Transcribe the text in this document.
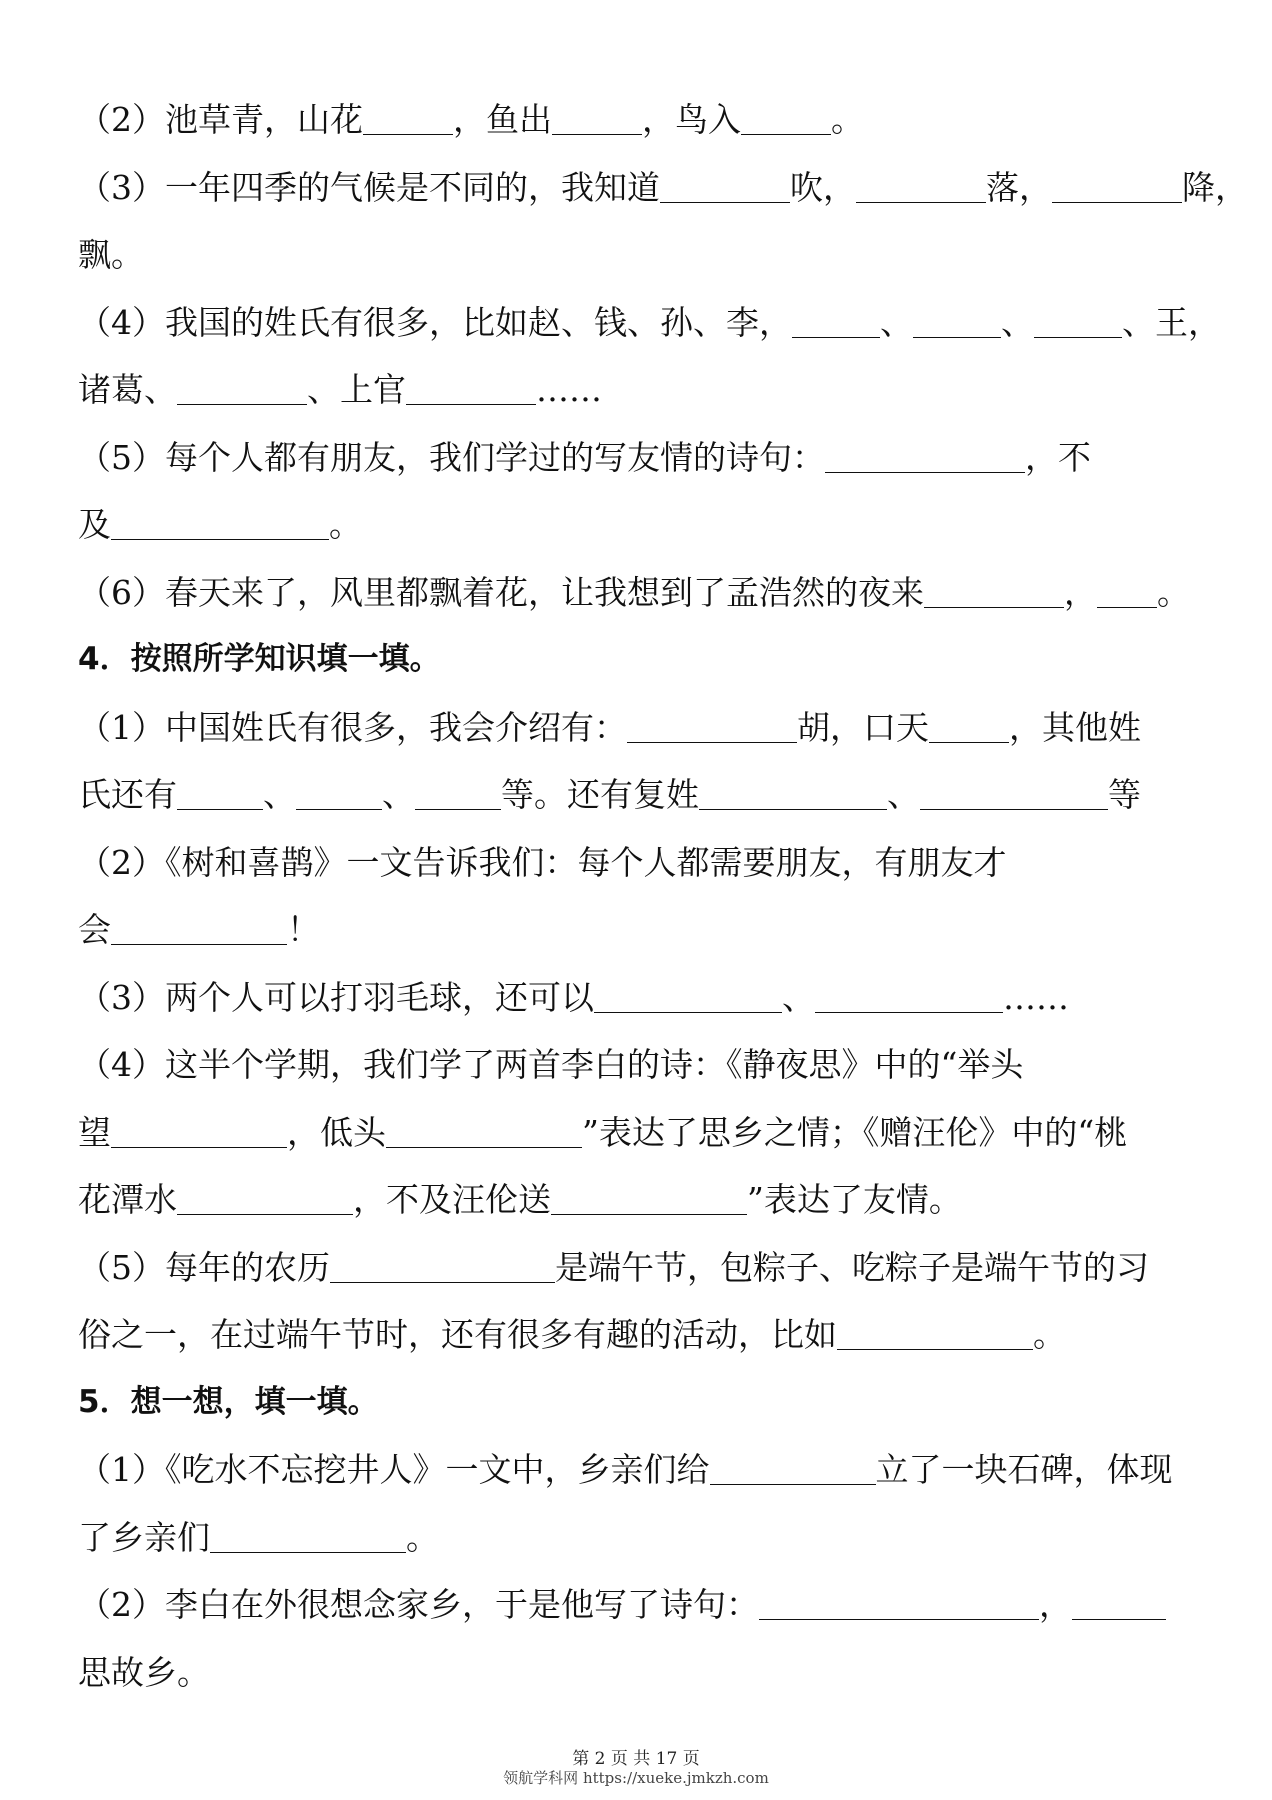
（2）池草青，山花	，鱼出	，鸟入	。
（3）一年四季的气候是不同的，我知道	吹，	落，	降，
飘。
（4）我国的姓氏有很多，比如赵、钱、孙、李，	、	、	、王，
诸葛、	、上官	……
（5）每个人都有朋友，我们学过的写友情的诗句：	，不
及	。
（6）春天来了，风里都飘着花，让我想到了孟浩然的夜来	， 。
4．按照所学知识填一填。
（1）中国姓氏有很多，我会介绍有：	胡，口天 ，其他姓
氏还有	、	、	等。还有复姓	、	等
（2）《树和喜鹊》一文告诉我们：每个人都需要朋友，有朋友才
会	！
（3）两个人可以打羽毛球，还可以	、	……
（4）这半个学期，我们学了两首李白的诗：《静夜思》中的“举头
望	，低头	”表达了思乡之情；《赠汪伦》中的“桃
花潭水	，不及汪伦送	”表达了友情。
（5）每年的农历	是端午节，包粽子、吃粽子是端午节的习
俗之一，在过端午节时，还有很多有趣的活动，比如	。
5．想一想，填一填。
（1）《吃水不忘挖井人》一文中，乡亲们给	立了一块石碑，体现
了乡亲们	。
（2）李白在外很想念家乡，于是他写了诗句：	，
思故乡。
第 2 页 共 17 页
领航学科网 https://xueke.jmkzh.com
